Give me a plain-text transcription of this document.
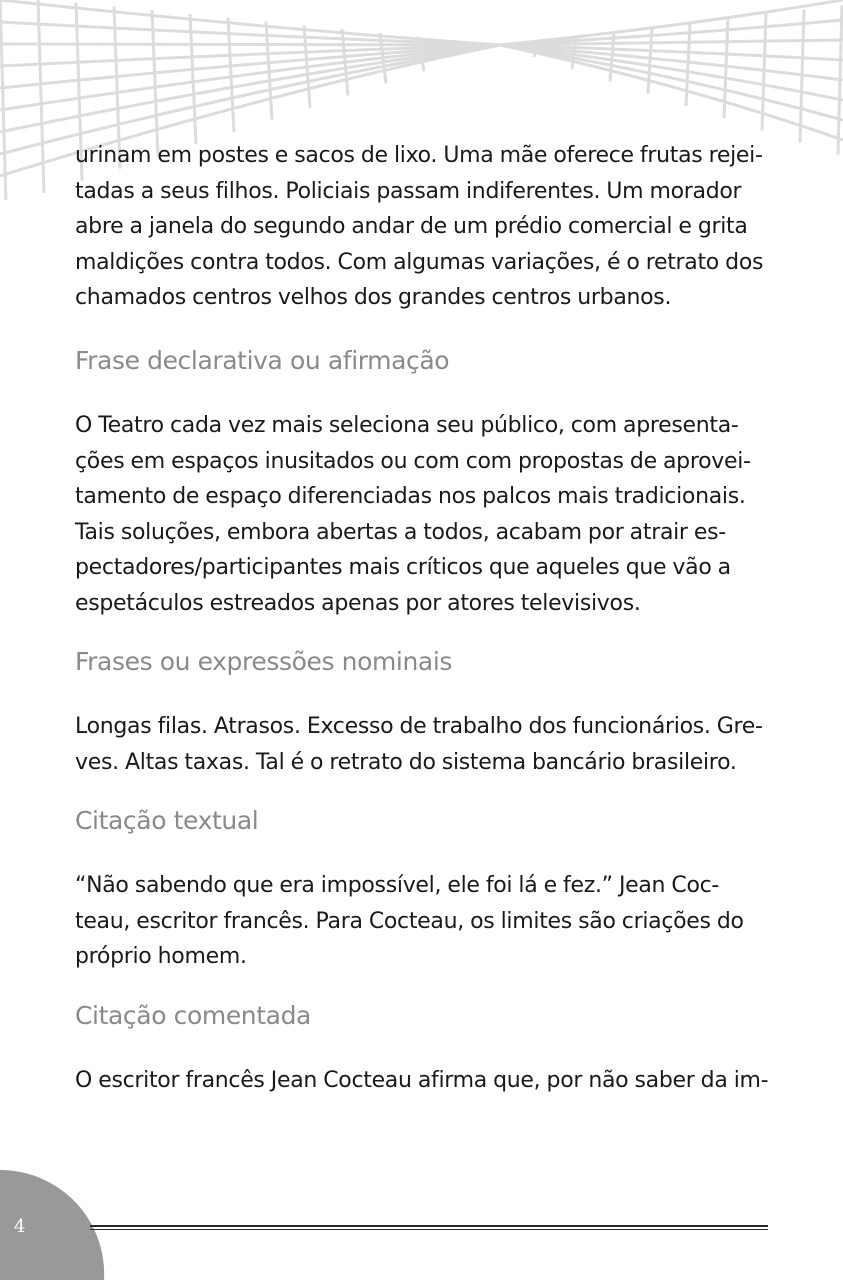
urinam em postes e sacos de lixo. Uma mãe oferece frutas rejei-
tadas a seus filhos. Policiais passam indiferentes. Um morador
abre a janela do segundo andar de um prédio comercial e grita
maldições contra todos. Com algumas variações, é o retrato dos
chamados centros velhos dos grandes centros urbanos.
Frase declarativa ou afirmação
O Teatro cada vez mais seleciona seu público, com apresenta-
ções em espaços inusitados ou com com propostas de aprovei-
tamento de espaço diferenciadas nos palcos mais tradicionais.
Tais soluções, embora abertas a todos, acabam por atrair es-
pectadores/participantes mais críticos que aqueles que vão a
espetáculos estreados apenas por atores televisivos.
Frases ou expressões nominais
Longas filas. Atrasos. Excesso de trabalho dos funcionários. Gre-
ves. Altas taxas. Tal é o retrato do sistema bancário brasileiro.
Citação textual
“Não sabendo que era impossível, ele foi lá e fez.” Jean Coc-
teau, escritor francês. Para Cocteau, os limites são criações do
próprio homem.
Citação comentada
O escritor francês Jean Cocteau afirma que, por não saber da im-
4
